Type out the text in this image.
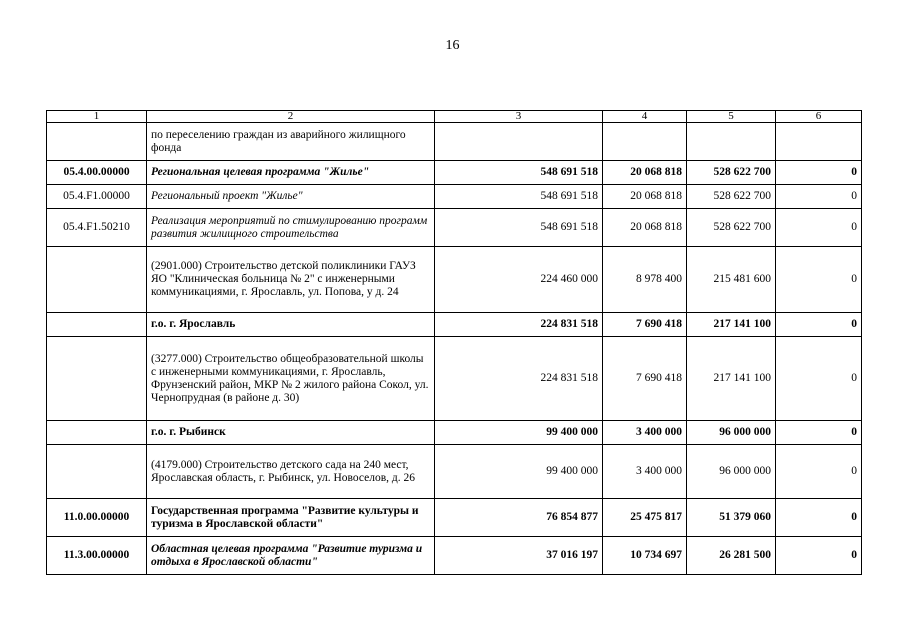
16
1	2	3	4	5	6
	по переселению граждан из аварийного жилищного фонда				
05.4.00.00000	Региональная целевая программа "Жилье"	548 691 518	20 068 818	528 622 700	0
05.4.F1.00000	Региональный проект "Жилье"	548 691 518	20 068 818	528 622 700	0
05.4.F1.50210	Реализация мероприятий по стимулированию программ развития жилищного строительства	548 691 518	20 068 818	528 622 700	0
	(2901.000) Строительство детской поликлиники ГАУЗ ЯО "Клиническая больница № 2" с инженерными коммуникациями, г. Ярославль, ул. Попова, у д. 24	224 460 000	8 978 400	215 481 600	0
	г.о. г. Ярославль	224 831 518	7 690 418	217 141 100	0
	(3277.000) Строительство общеобразовательной школы с инженерными коммуникациями, г. Ярославль, Фрунзенский район, МКР № 2 жилого района Сокол, ул. Чернопрудная (в районе д. 30)	224 831 518	7 690 418	217 141 100	0
	г.о. г. Рыбинск	99 400 000	3 400 000	96 000 000	0
	(4179.000) Строительство детского сада на 240 мест, Ярославская область, г. Рыбинск, ул. Новоселов, д. 26	99 400 000	3 400 000	96 000 000	0
11.0.00.00000	Государственная программа "Развитие культуры и туризма в Ярославской области"	76 854 877	25 475 817	51 379 060	0
11.3.00.00000	Областная целевая программа "Развитие туризма и отдыха в Ярославской области"	37 016 197	10 734 697	26 281 500	0
